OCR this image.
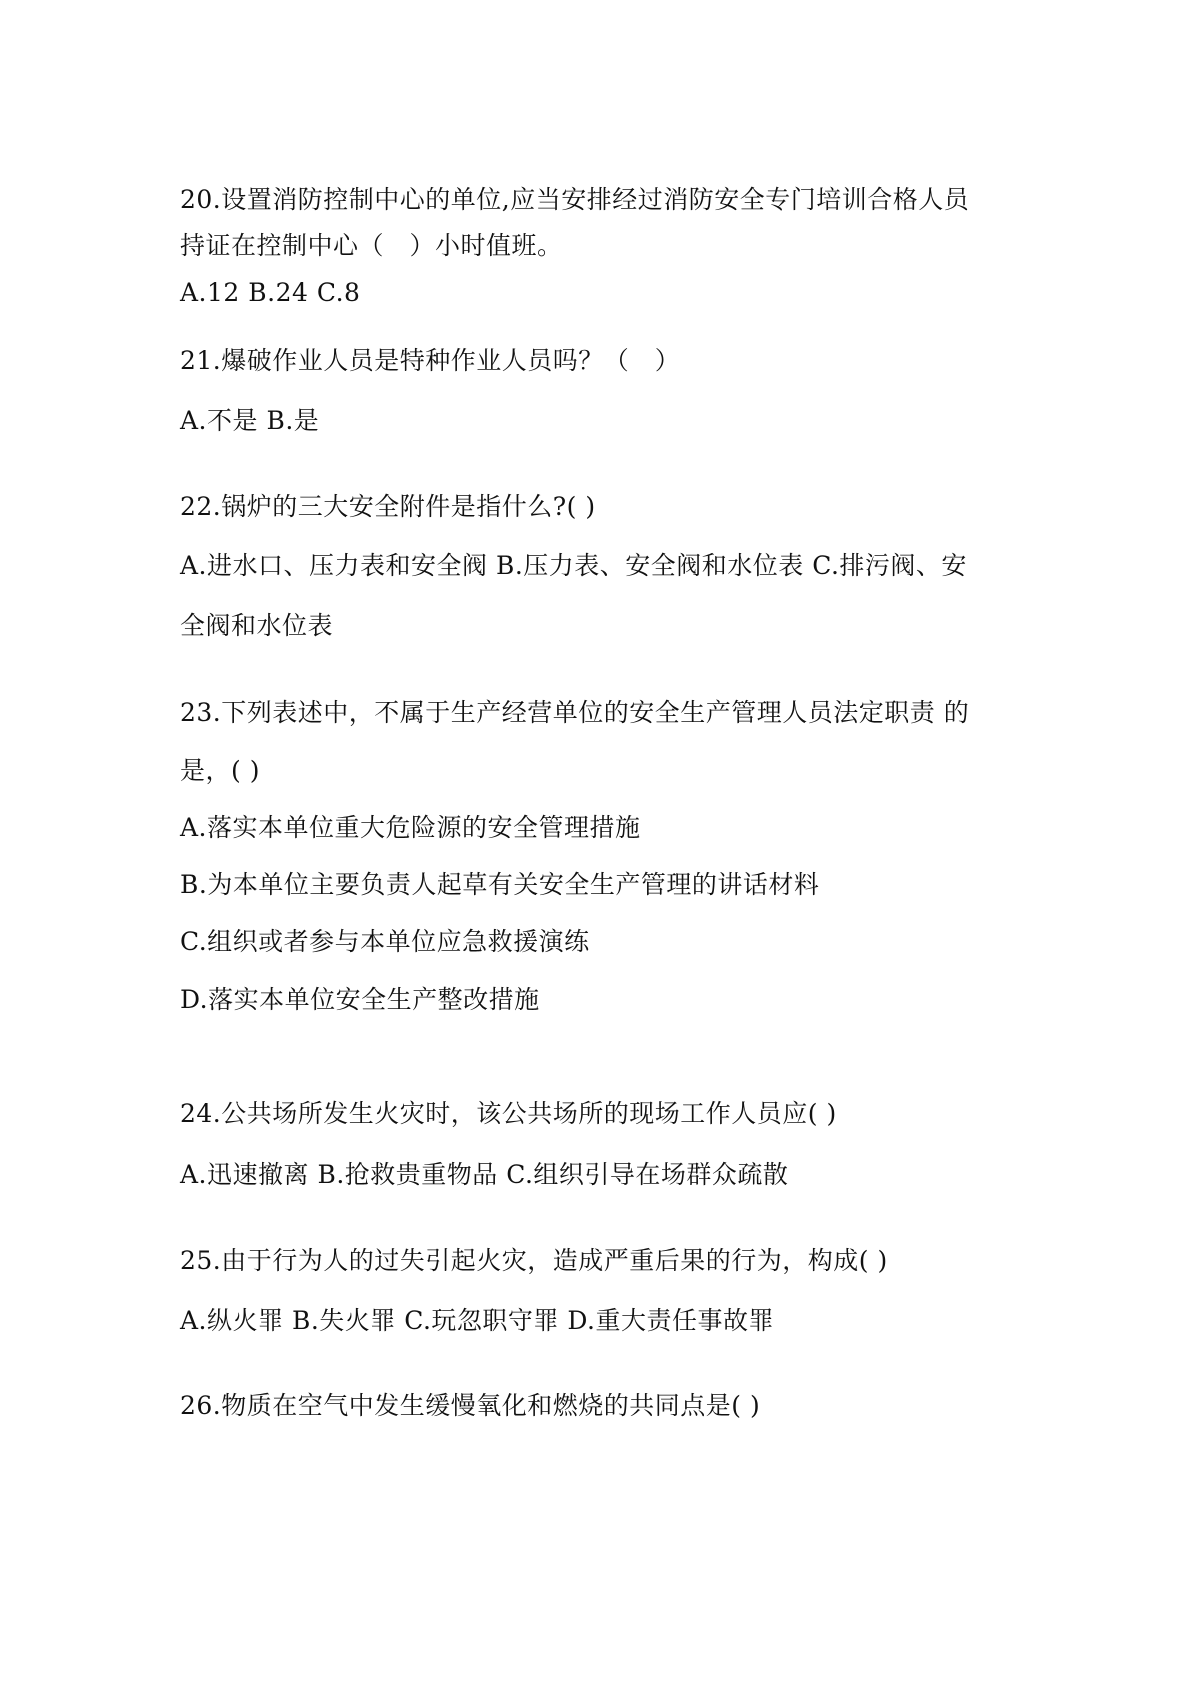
20.设置消防控制中心的单位,应当安排经过消防安全专门培训合格人员
持证在控制中心（　）小时值班。
A.12 B.24 C.8
21.爆破作业人员是特种作业人员吗？（　）
A.不是 B.是
22.锅炉的三大安全附件是指什么?( )
A.进水口、压力表和安全阀 B.压力表、安全阀和水位表 C.排污阀、安
全阀和水位表
23.下列表述中，不属于生产经营单位的安全生产管理人员法定职责 的
是，( )
A.落实本单位重大危险源的安全管理措施
B.为本单位主要负责人起草有关安全生产管理的讲话材料
C.组织或者参与本单位应急救援演练
D.落实本单位安全生产整改措施
24.公共场所发生火灾时，该公共场所的现场工作人员应( )
A.迅速撤离 B.抢救贵重物品 C.组织引导在场群众疏散
25.由于行为人的过失引起火灾，造成严重后果的行为，构成( )
A.纵火罪 B.失火罪 C.玩忽职守罪 D.重大责任事故罪
26.物质在空气中发生缓慢氧化和燃烧的共同点是( )
